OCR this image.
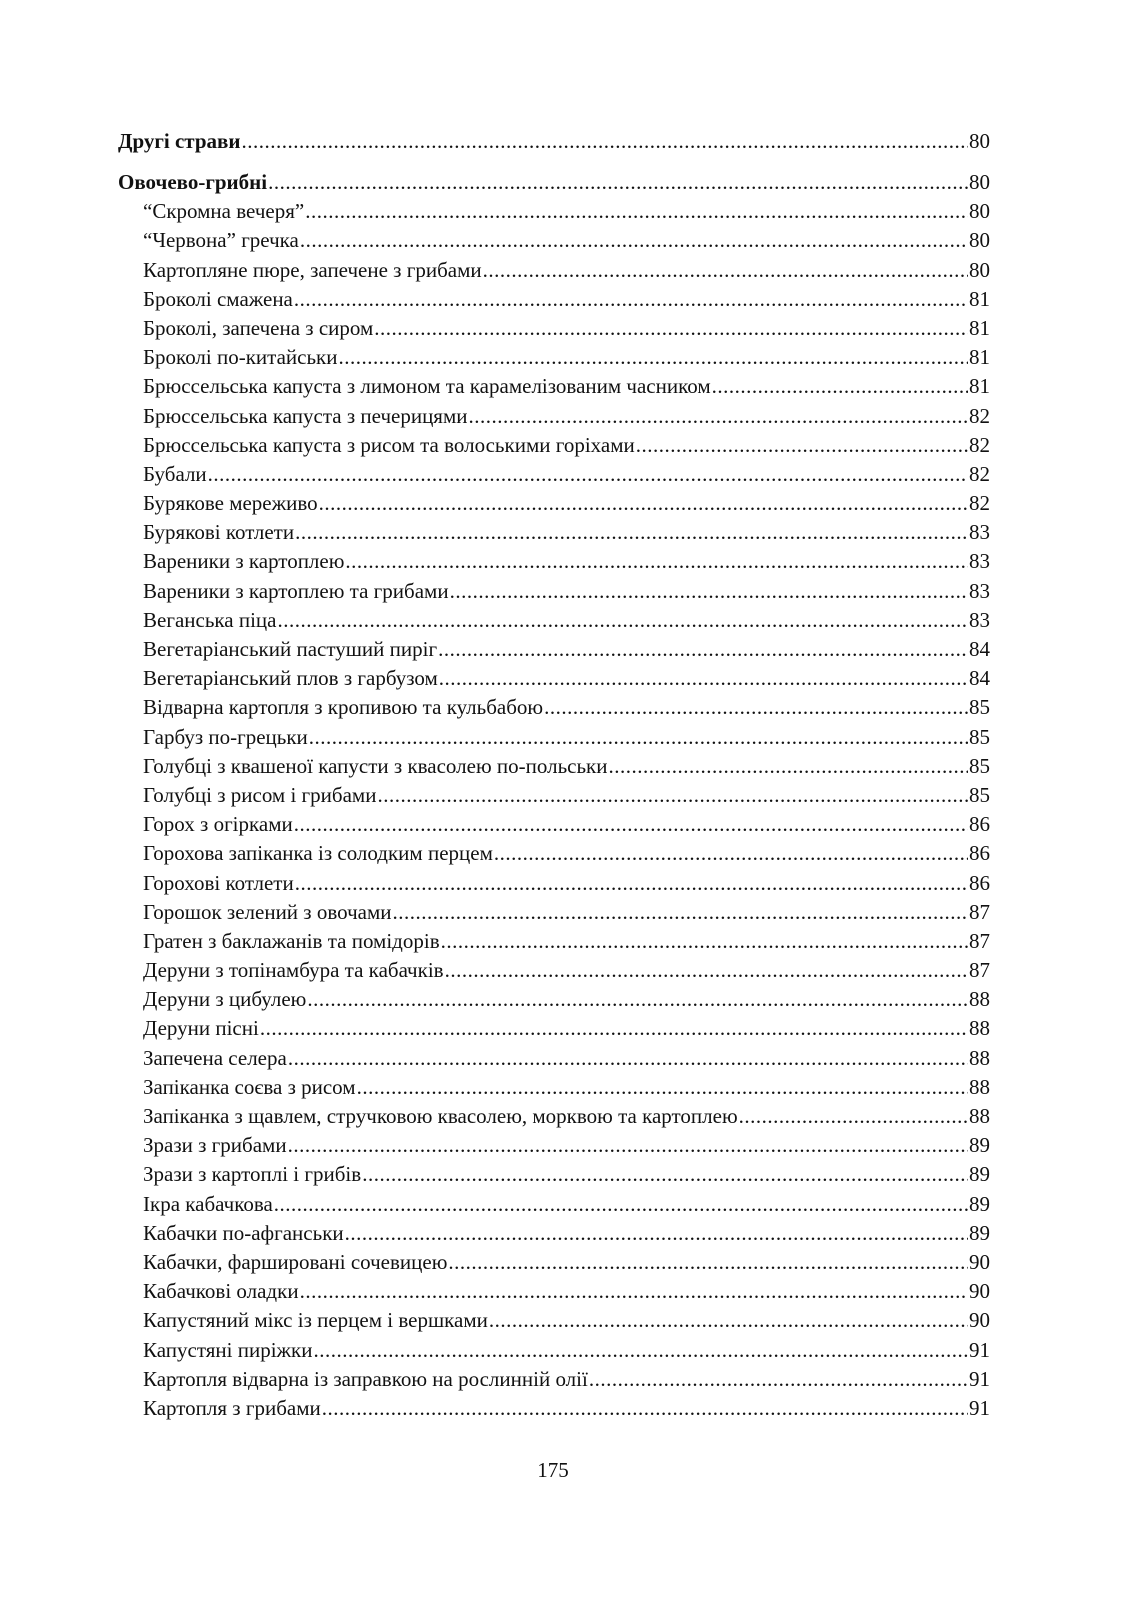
Другі страви .....	80
Овочево-грибні .....	80
“Скромна вечеря” .....	80
“Червона” гречка .....	80
Картопляне пюре, запечене з грибами .....	80
Броколі смажена .....	81
Броколі, запечена з сиром .....	81
Броколі по-китайськи .....	81
Брюссельська капуста з лимоном та карамелізованим часником .....	81
Брюссельська капуста з печерицями .....	82
Брюссельська капуста з рисом та волоськими горіхами .....	82
Бубали .....	82
Бурякове мереживо .....	82
Бурякові котлети .....	83
Вареники з картоплею .....	83
Вареники з картоплею та грибами .....	83
Веганська піца .....	83
Вегетаріанський пастуший пиріг .....	84
Вегетаріанський плов з гарбузом .....	84
Відварна картопля з кропивою та кульбабою .....	85
Гарбуз по-грецьки .....	85
Голубці з квашеної капусти з квасолею по-польськи .....	85
Голубці з рисом і грибами .....	85
Горох з огірками .....	86
Горохова запіканка із солодким перцем .....	86
Горохові котлети .....	86
Горошок зелений з овочами .....	87
Гратен з баклажанів та помідорів .....	87
Деруни з топінамбура та кабачків .....	87
Деруни з цибулею .....	88
Деруни пісні .....	88
Запечена селера .....	88
Запіканка соєва з рисом .....	88
Запіканка з щавлем, стручковою квасолею, морквою та картоплею .....	88
Зрази з грибами .....	89
Зрази з картоплі і грибів .....	89
Ікра кабачкова .....	89
Кабачки по-афганськи .....	89
Кабачки, фаршировані сочевицею .....	90
Кабачкові оладки .....	90
Капустяний мікс із перцем і вершками .....	90
Капустяні пиріжки .....	91
Картопля відварна із заправкою на рослинній олії .....	91
Картопля з грибами .....	91
175
